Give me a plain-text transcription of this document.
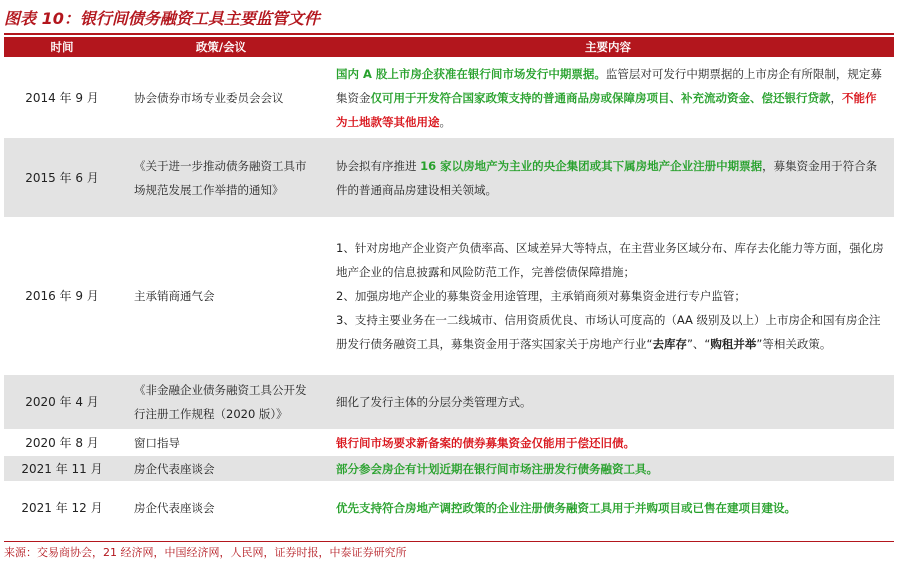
图表 10：银行间债务融资工具主要监管文件
时间	政策/会议	主要内容
2014 年 9 月	协会债券市场专业委员会会议	国内 A 股上市房企获准在银行间市场发行中期票据。监管层对可发行中期票据的上市房企有所限制，规定募集资金仅可用于开发符合国家政策支持的普通商品房或保障房项目、补充流动资金、偿还银行贷款，不能作为土地款等其他用途。
2015 年 6 月	《关于进一步推动债务融资工具市场规范发展工作举措的通知》	协会拟有序推进 16 家以房地产为主业的央企集团或其下属房地产企业注册中期票据，募集资金用于符合条件的普通商品房建设相关领域。
2016 年 9 月	主承销商通气会	1、针对房地产企业资产负债率高、区域差异大等特点，在主营业务区域分布、库存去化能力等方面，强化房地产企业的信息披露和风险防范工作，完善偿债保障措施；
2、加强房地产企业的募集资金用途管理，主承销商须对募集资金进行专户监管；
3、支持主要业务在一二线城市、信用资质优良、市场认可度高的（AA 级别及以上）上市房企和国有房企注册发行债务融资工具，募集资金用于落实国家关于房地产行业“去库存”、“购租并举”等相关政策。

2020 年 4 月	《非金融企业债务融资工具公开发行注册工作规程（2020 版）》	细化了发行主体的分层分类管理方式。
2020 年 8 月	窗口指导	银行间市场要求新备案的债券募集资金仅能用于偿还旧债。
2021 年 11 月	房企代表座谈会	部分参会房企有计划近期在银行间市场注册发行债务融资工具。
2021 年 12 月	房企代表座谈会	优先支持符合房地产调控政策的企业注册债务融资工具用于并购项目或已售在建项目建设。
来源：交易商协会，21 经济网，中国经济网，人民网，证券时报，中泰证券研究所
